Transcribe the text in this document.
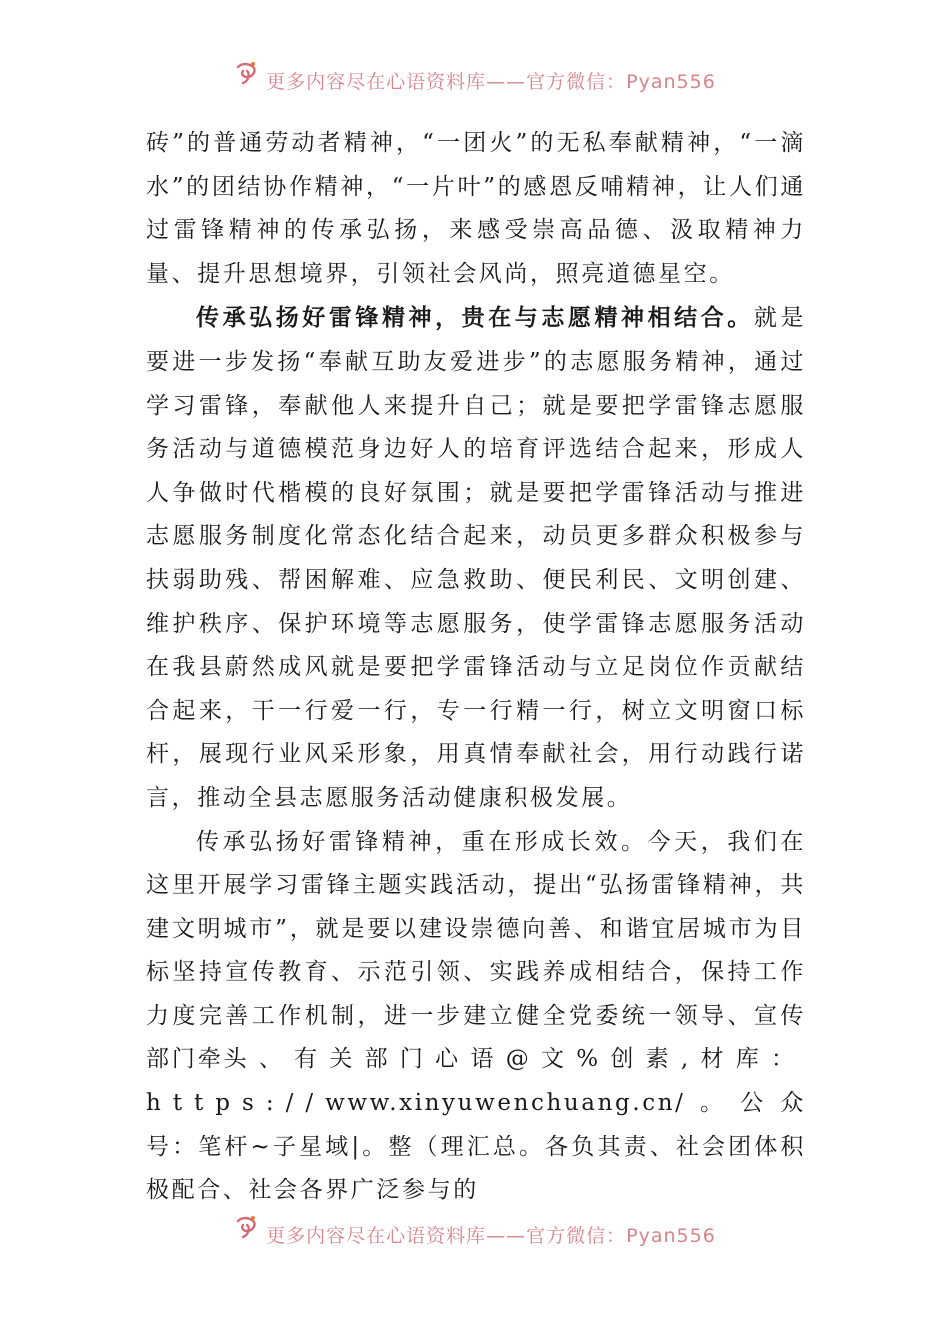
更多内容尽在心语资料库——官方微信：Pyan556

砖”的普通劳动者精神，“一团火”的无私奉献精神，“一滴水”的团结协作精神，“一片叶”的感恩反哺精神，让人们通过雷锋精神的传承弘扬，来感受崇高品德、汲取精神力量、提升思想境界，引领社会风尚，照亮道德星空。

传承弘扬好雷锋精神，贵在与志愿精神相结合。就是要进一步发扬“奉献互助友爱进步”的志愿服务精神，通过学习雷锋，奉献他人来提升自己；就是要把学雷锋志愿服务活动与道德模范身边好人的培育评选结合起来，形成人人争做时代楷模的良好氛围；就是要把学雷锋活动与推进志愿服务制度化常态化结合起来，动员更多群众积极参与扶弱助残、帮困解难、应急救助、便民利民、文明创建、维护秩序、保护环境等志愿服务，使学雷锋志愿服务活动在我县蔚然成风就是要把学雷锋活动与立足岗位作贡献结合起来，干一行爱一行，专一行精一行，树立文明窗口标杆，展现行业风采形象，用真情奉献社会，用行动践行诺言，推动全县志愿服务活动健康积极发展。

传承弘扬好雷锋精神，重在形成长效。今天，我们在这里开展学习雷锋主题实践活动，提出“弘扬雷锋精神，共建文明城市”，就是要以建设崇德向善、和谐宜居城市为目标坚持宣传教育、示范引领、实践养成相结合，保持工作力度完善工作机制，进一步建立健全党委统一领导、宣传部门牵头、有关部门心语@文%创素,材库：https://www.xinyuwenchuang.cn/。公众号：笔杆~子星域|。整（理汇总。各负其责、社会团体积极配合、社会各界广泛参与的

更多内容尽在心语资料库——官方微信：Pyan556
